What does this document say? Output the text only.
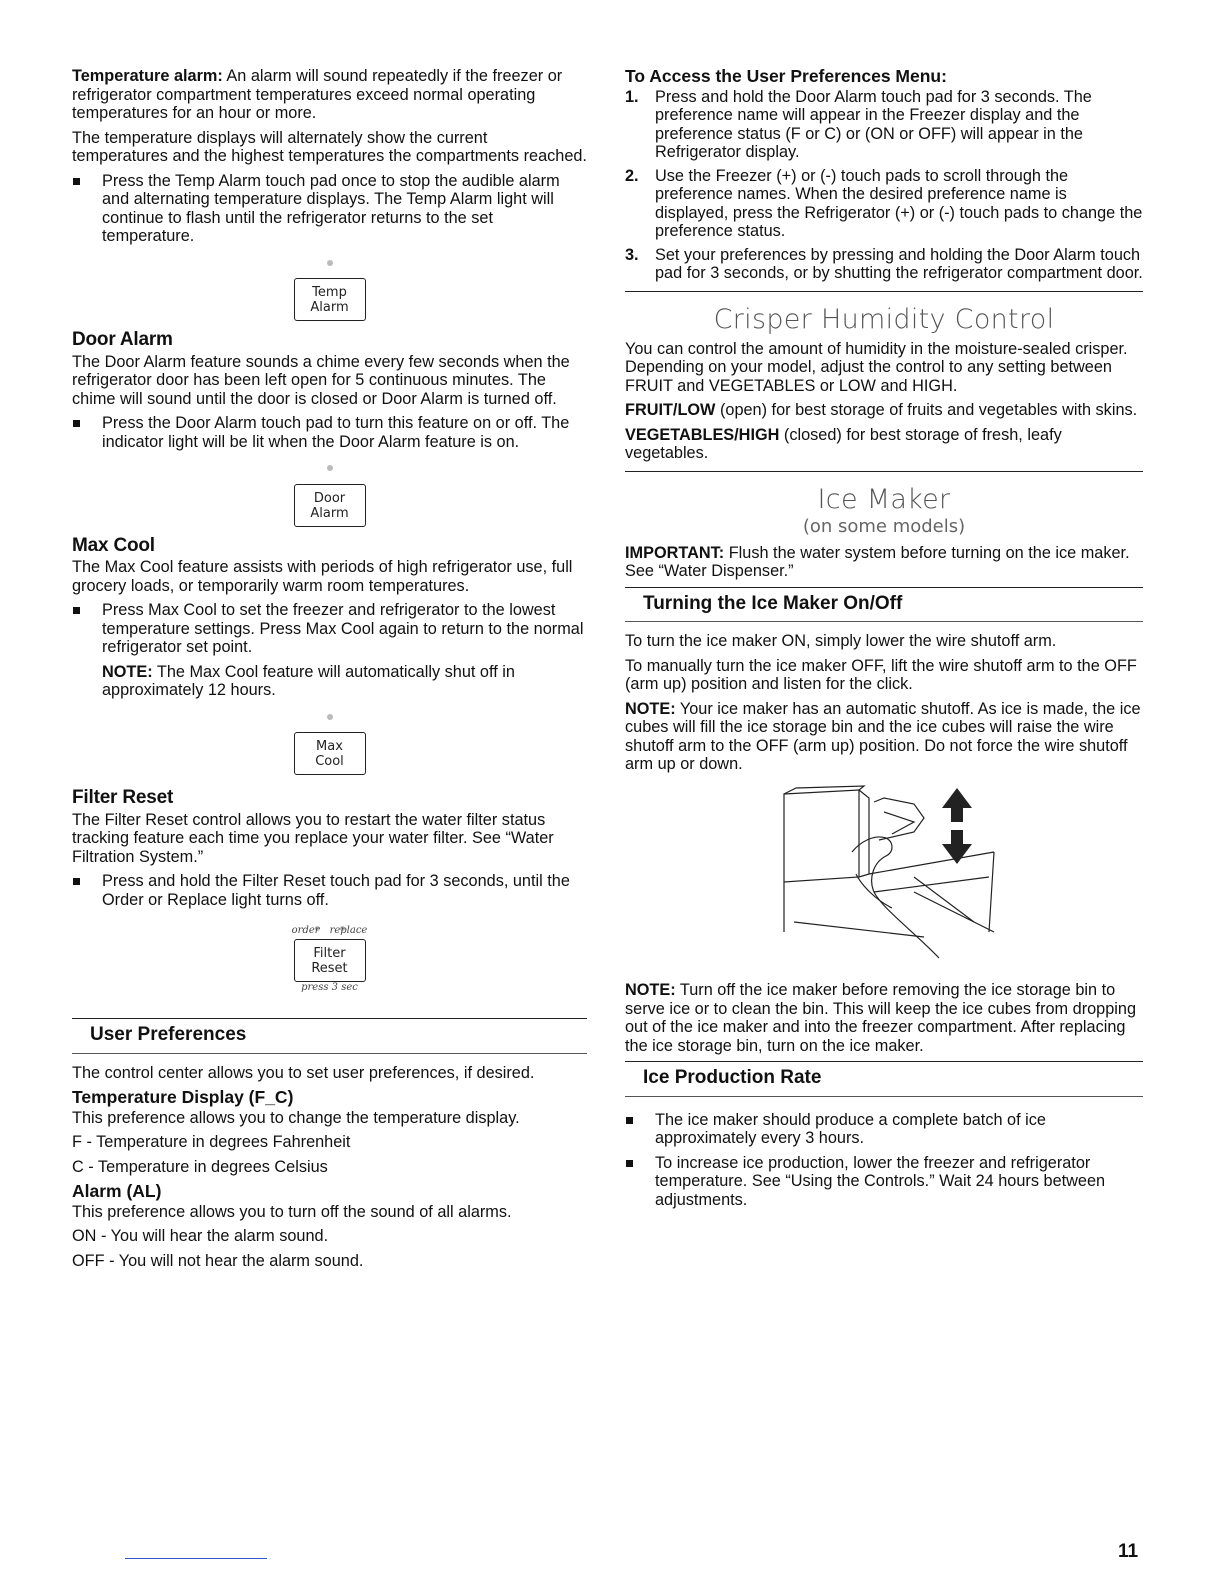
Temperature alarm: An alarm will sound repeatedly if the freezer or refrigerator compartment temperatures exceed normal operating temperatures for an hour or more.

The temperature displays will alternately show the current temperatures and the highest temperatures the compartments reached.

Press the Temp Alarm touch pad once to stop the audible alarm and alternating temperature displays. The Temp Alarm light will continue to flash until the refrigerator returns to the set temperature.

Temp
Alarm
Door Alarm

The Door Alarm feature sounds a chime every few seconds when the refrigerator door has been left open for 5 continuous minutes. The chime will sound until the door is closed or Door Alarm is turned off.

Press the Door Alarm touch pad to turn this feature on or off. The indicator light will be lit when the Door Alarm feature is on.

Door
Alarm
Max Cool

The Max Cool feature assists with periods of high refrigerator use, full grocery loads, or temporarily warm room temperatures.

Press Max Cool to set the freezer and refrigerator to the lowest temperature settings. Press Max Cool again to return to the normal refrigerator set point.

NOTE: The Max Cool feature will automatically shut off in approximately 12 hours.

Max
Cool
Filter Reset

The Filter Reset control allows you to restart the water filter status tracking feature each time you replace your water filter. See “Water Filtration System.”

Press and hold the Filter Reset touch pad for 3 seconds, until the Order or Replace light turns off.
order replace
Filter
Reset
press 3 sec
User Preferences

The control center allows you to set user preferences, if desired.

Temperature Display (F_C)

This preference allows you to change the temperature display.

F - Temperature in degrees Fahrenheit

C - Temperature in degrees Celsius

Alarm (AL)

This preference allows you to turn off the sound of all alarms.

ON - You will hear the alarm sound.

OFF - You will not hear the alarm sound.

To Access the User Preferences Menu:
1. Press and hold the Door Alarm touch pad for 3 seconds. The preference name will appear in the Freezer display and the preference status (F or C) or (ON or OFF) will appear in the Refrigerator display.
2. Use the Freezer (+) or (-) touch pads to scroll through the preference names. When the desired preference name is displayed, press the Refrigerator (+) or (-) touch pads to change the preference status.
3. Set your preferences by pressing and holding the Door Alarm touch pad for 3 seconds, or by shutting the refrigerator compartment door.
Crisper Humidity Control

You can control the amount of humidity in the moisture-sealed crisper. Depending on your model, adjust the control to any setting between FRUIT and VEGETABLES or LOW and HIGH.

FRUIT/LOW (open) for best storage of fruits and vegetables with skins.

VEGETABLES/HIGH (closed) for best storage of fresh, leafy vegetables.

Ice Maker
(on some models)

IMPORTANT: Flush the water system before turning on the ice maker. See “Water Dispenser.”

Turning the Ice Maker On/Off

To turn the ice maker ON, simply lower the wire shutoff arm.

To manually turn the ice maker OFF, lift the wire shutoff arm to the OFF (arm up) position and listen for the click.

NOTE: Your ice maker has an automatic shutoff. As ice is made, the ice cubes will fill the ice storage bin and the ice cubes will raise the wire shutoff arm to the OFF (arm up) position. Do not force the wire shutoff arm up or down.

NOTE: Turn off the ice maker before removing the ice storage bin to serve ice or to clean the bin. This will keep the ice cubes from dropping out of the ice maker and into the freezer compartment. After replacing the ice storage bin, turn on the ice maker.

Ice Production Rate
The ice maker should produce a complete batch of ice approximately every 3 hours.
To increase ice production, lower the freezer and refrigerator temperature. See “Using the Controls.” Wait 24 hours between adjustments.
11
